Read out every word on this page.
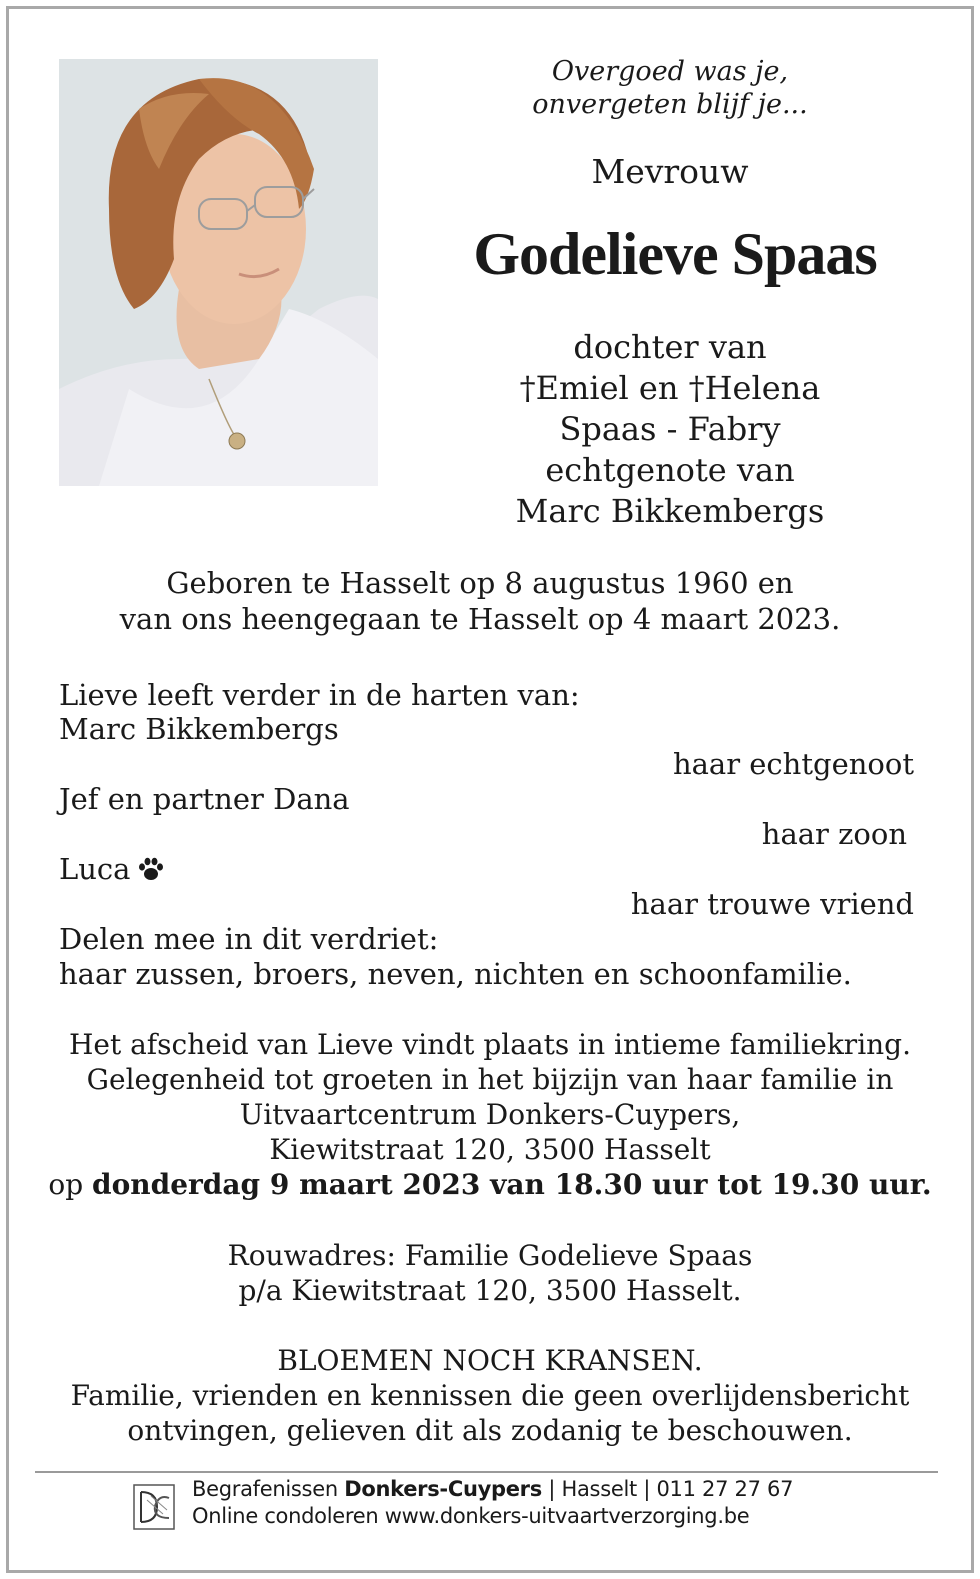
Overgoed was je,
onvergeten blijf je...
Mevrouw
Godelieve Spaas
dochter van
†Emiel en †Helena
Spaas - Fabry
echtgenote van
Marc Bikkembergs
Geboren te Hasselt op 8 augustus 1960 en
van ons heengegaan te Hasselt op 4 maart 2023.
Lieve leeft verder in de harten van:
Marc Bikkembergs
haar echtgenoot
Jef en partner Dana
haar zoon
Luca
haar trouwe vriend
Delen mee in dit verdriet:
haar zussen, broers, neven, nichten en schoonfamilie.
Het afscheid van Lieve vindt plaats in intieme familiekring.
Gelegenheid tot groeten in het bijzijn van haar familie in
Uitvaartcentrum Donkers-Cuypers,
Kiewitstraat 120, 3500 Hasselt
op donderdag 9 maart 2023 van 18.30 uur tot 19.30 uur.
Rouwadres: Familie Godelieve Spaas
p/a Kiewitstraat 120, 3500 Hasselt.
BLOEMEN NOCH KRANSEN.
Familie, vrienden en kennissen die geen overlijdensbericht
ontvingen, gelieven dit als zodanig te beschouwen.
Begrafenissen Donkers-Cuypers | Hasselt | 011 27 27 67
Online condoleren www.donkers-uitvaartverzorging.be
